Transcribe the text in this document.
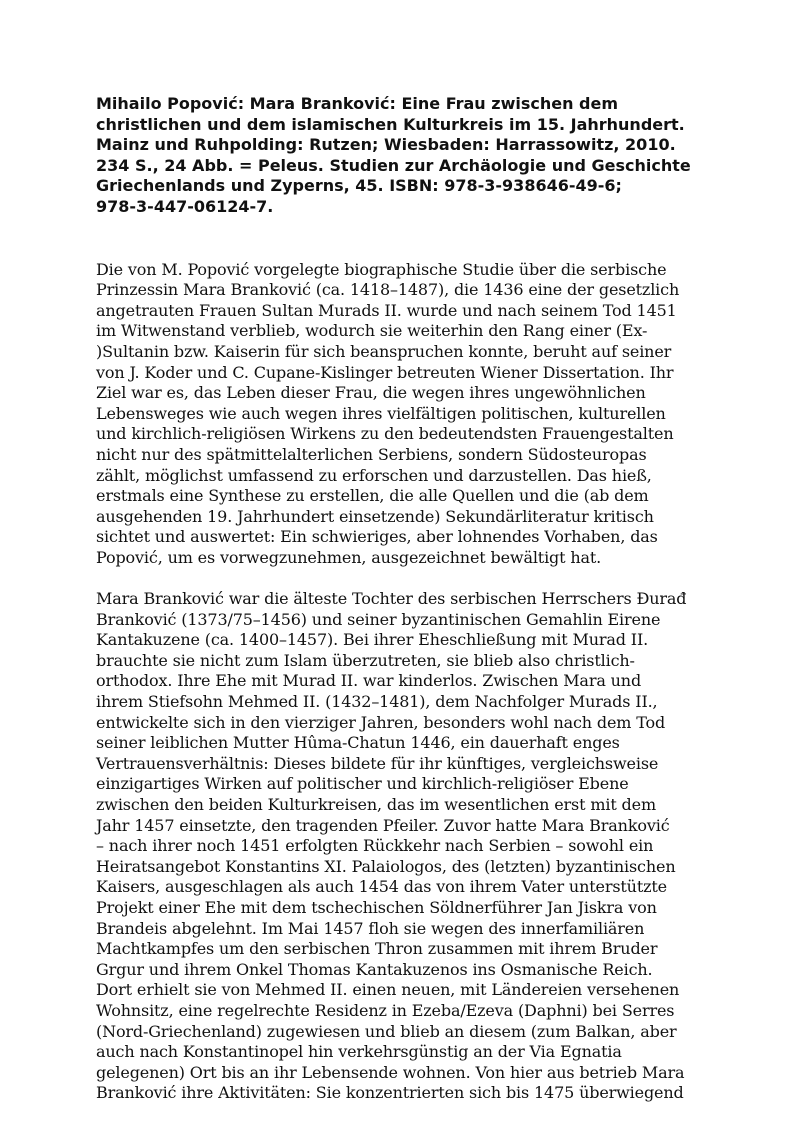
Mihailo Popović: Mara Branković: Eine Frau zwischen dem
christlichen und dem islamischen Kulturkreis im 15. Jahrhundert.
Mainz und Ruhpolding: Rutzen; Wiesbaden: Harrassowitz, 2010.
234 S., 24 Abb. = Peleus. Studien zur Archäologie und Geschichte
Griechenlands und Zyperns, 45. ISBN: 978-3-938646-49-6;
978-3-447-06124-7.
Die von M. Popović vorgelegte biographische Studie über die serbische
Prinzessin Mara Branković (ca. 1418–1487), die 1436 eine der gesetzlich
angetrauten Frauen Sultan Murads II. wurde und nach seinem Tod 1451
im Witwenstand verblieb, wodurch sie weiterhin den Rang einer (Ex-
)Sultanin bzw. Kaiserin für sich beanspruchen konnte, beruht auf seiner
von J. Koder und C. Cupane-Kislinger betreuten Wiener Dissertation. Ihr
Ziel war es, das Leben dieser Frau, die wegen ihres ungewöhnlichen
Lebensweges wie auch wegen ihres vielfältigen politischen, kulturellen
und kirchlich-religiösen Wirkens zu den bedeutendsten Frauengestalten
nicht nur des spätmittelalterlichen Serbiens, sondern Südosteuropas
zählt, möglichst umfassend zu erforschen und darzustellen. Das hieß,
erstmals eine Synthese zu erstellen, die alle Quellen und die (ab dem
ausgehenden 19. Jahrhundert einsetzende) Sekundärliteratur kritisch
sichtet und auswertet: Ein schwieriges, aber lohnendes Vorhaben, das
Popović, um es vorwegzunehmen, ausgezeichnet bewältigt hat.
Mara Branković war die älteste Tochter des serbischen Herrschers Đurađ
Branković (1373/75–1456) und seiner byzantinischen Gemahlin Eirene
Kantakuzene (ca. 1400–1457). Bei ihrer Eheschließung mit Murad II.
brauchte sie nicht zum Islam überzutreten, sie blieb also christlich-
orthodox. Ihre Ehe mit Murad II. war kinderlos. Zwischen Mara und
ihrem Stiefsohn Mehmed II. (1432–1481), dem Nachfolger Murads II.,
entwickelte sich in den vierziger Jahren, besonders wohl nach dem Tod
seiner leiblichen Mutter Hûma-Chatun 1446, ein dauerhaft enges
Vertrauensverhältnis: Dieses bildete für ihr künftiges, vergleichsweise
einzigartiges Wirken auf politischer und kirchlich-religiöser Ebene
zwischen den beiden Kulturkreisen, das im wesentlichen erst mit dem
Jahr 1457 einsetzte, den tragenden Pfeiler. Zuvor hatte Mara Branković
– nach ihrer noch 1451 erfolgten Rückkehr nach Serbien – sowohl ein
Heiratsangebot Konstantins XI. Palaiologos, des (letzten) byzantinischen
Kaisers, ausgeschlagen als auch 1454 das von ihrem Vater unterstützte
Projekt einer Ehe mit dem tschechischen Söldnerführer Jan Jiskra von
Brandeis abgelehnt. Im Mai 1457 floh sie wegen des innerfamiliären
Machtkampfes um den serbischen Thron zusammen mit ihrem Bruder
Grgur und ihrem Onkel Thomas Kantakuzenos ins Osmanische Reich.
Dort erhielt sie von Mehmed II. einen neuen, mit Ländereien versehenen
Wohnsitz, eine regelrechte Residenz in Ezeba/Ezeva (Daphni) bei Serres
(Nord-Griechenland) zugewiesen und blieb an diesem (zum Balkan, aber
auch nach Konstantinopel hin verkehrsgünstig an der Via Egnatia
gelegenen) Ort bis an ihr Lebensende wohnen. Von hier aus betrieb Mara
Branković ihre Aktivitäten: Sie konzentrierten sich bis 1475 überwiegend
